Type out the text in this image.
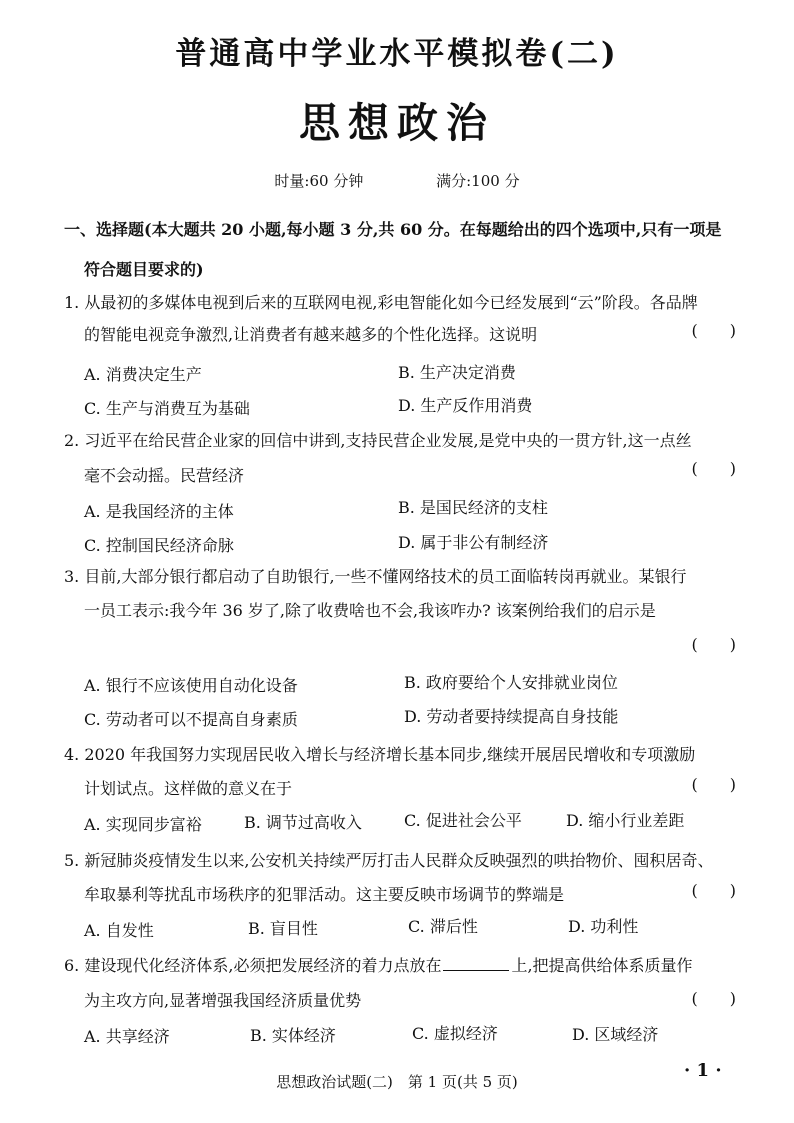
普通高中学业水平模拟卷(二)
思想政治
时量:60 分钟	满分:100 分
一、选择题(本大题共 20 小题,每小题 3 分,共 60 分。在每题给出的四个选项中,只有一项是
符合题目要求的)
1. 从最初的多媒体电视到后来的互联网电视,彩电智能化如今已经发展到“云”阶段。各品牌
的智能电视竞争激烈,让消费者有越来越多的个性化选择。这说明	(　　)
A. 消费决定生产	B. 生产决定消费
C. 生产与消费互为基础	D. 生产反作用消费
2. 习近平在给民营企业家的回信中讲到,支持民营企业发展,是党中央的一贯方针,这一点丝
毫不会动摇。民营经济	(　　)
A. 是我国经济的主体	B. 是国民经济的支柱
C. 控制国民经济命脉	D. 属于非公有制经济
3. 目前,大部分银行都启动了自助银行,一些不懂网络技术的员工面临转岗再就业。某银行
一员工表示:我今年 36 岁了,除了收费啥也不会,我该咋办? 该案例给我们的启示是
(　　)
A. 银行不应该使用自动化设备	B. 政府要给个人安排就业岗位
C. 劳动者可以不提高自身素质	D. 劳动者要持续提高自身技能
4. 2020 年我国努力实现居民收入增长与经济增长基本同步,继续开展居民增收和专项激励
计划试点。这样做的意义在于	(　　)
A. 实现同步富裕	B. 调节过高收入	C. 促进社会公平	D. 缩小行业差距
5. 新冠肺炎疫情发生以来,公安机关持续严厉打击人民群众反映强烈的哄抬物价、囤积居奇、
牟取暴利等扰乱市场秩序的犯罪活动。这主要反映市场调节的弊端是	(　　)
A. 自发性	B. 盲目性	C. 滞后性	D. 功利性
6. 建设现代化经济体系,必须把发展经济的着力点放在	上,把提高供给体系质量作
为主攻方向,显著增强我国经济质量优势	(　　)
A. 共享经济	B. 实体经济	C. 虚拟经济	D. 区域经济
· 1 ·
思想政治试题(二)　第 1 页(共 5 页)
